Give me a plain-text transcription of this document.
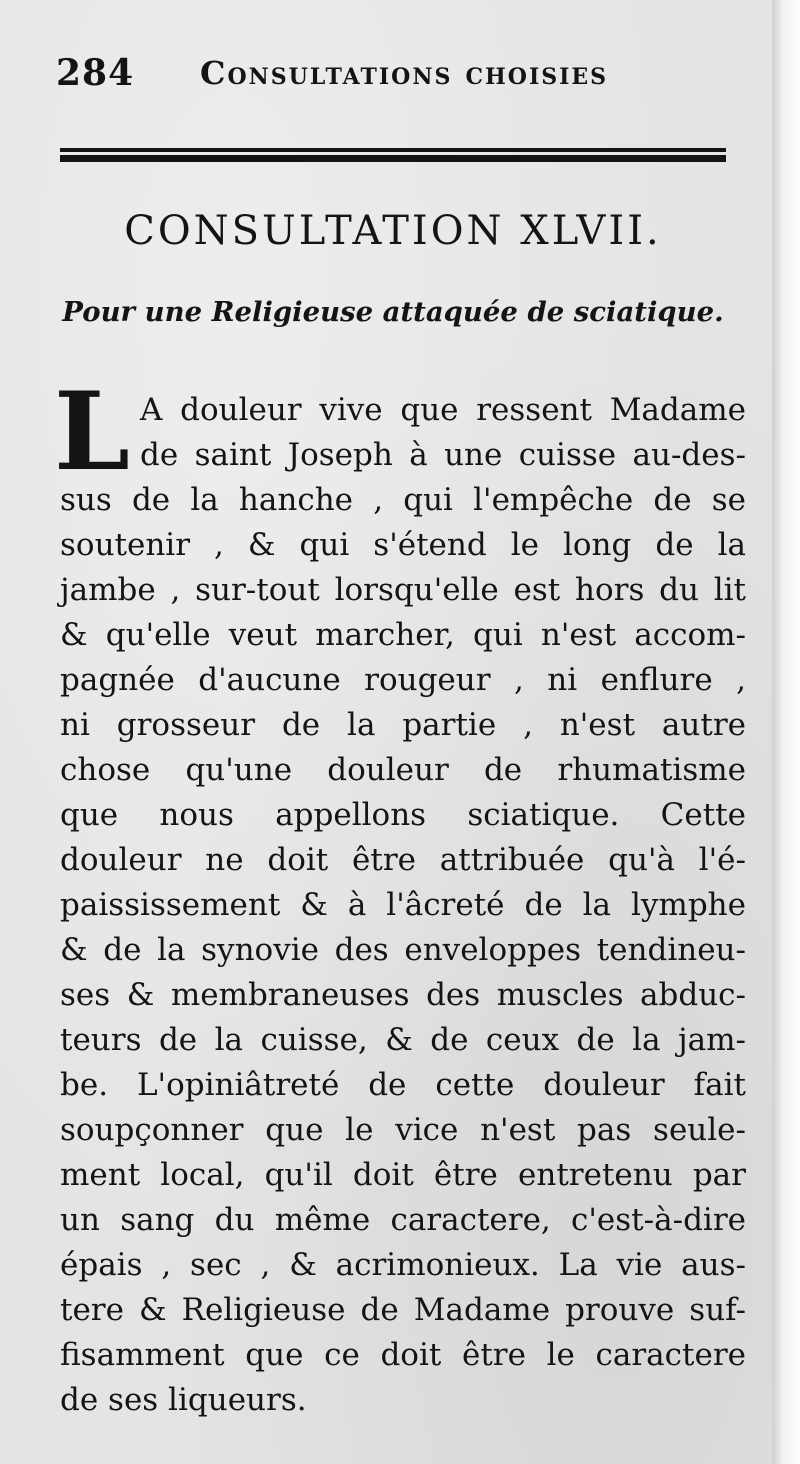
284 Consultations choisies
CONSULTATION XLVII.
Pour une Religieuse attaquée de sciatique.
L A douleur vive que ressent Madame
de saint Joseph à une cuisse au-des-
sus de la hanche , qui l'empêche de se
soutenir , & qui s'étend le long de la
jambe , sur-tout lorsqu'elle est hors du lit
& qu'elle veut marcher, qui n'est accom-
pagnée d'aucune rougeur , ni enflure ,
ni grosseur de la partie , n'est autre
chose qu'une douleur de rhumatisme
que nous appellons sciatique. Cette
douleur ne doit être attribuée qu'à l'é-
paississement & à l'âcreté de la lymphe
& de la synovie des enveloppes tendineu-
ses & membraneuses des muscles abduc-
teurs de la cuisse, & de ceux de la jam-
be. L'opiniâtreté de cette douleur fait
soupçonner que le vice n'est pas seule-
ment local, qu'il doit être entretenu par
un sang du même caractere, c'est-à-dire
épais , sec , & acrimonieux. La vie aus-
tere & Religieuse de Madame prouve suf-
fisamment que ce doit être le caractere
de ses liqueurs.
